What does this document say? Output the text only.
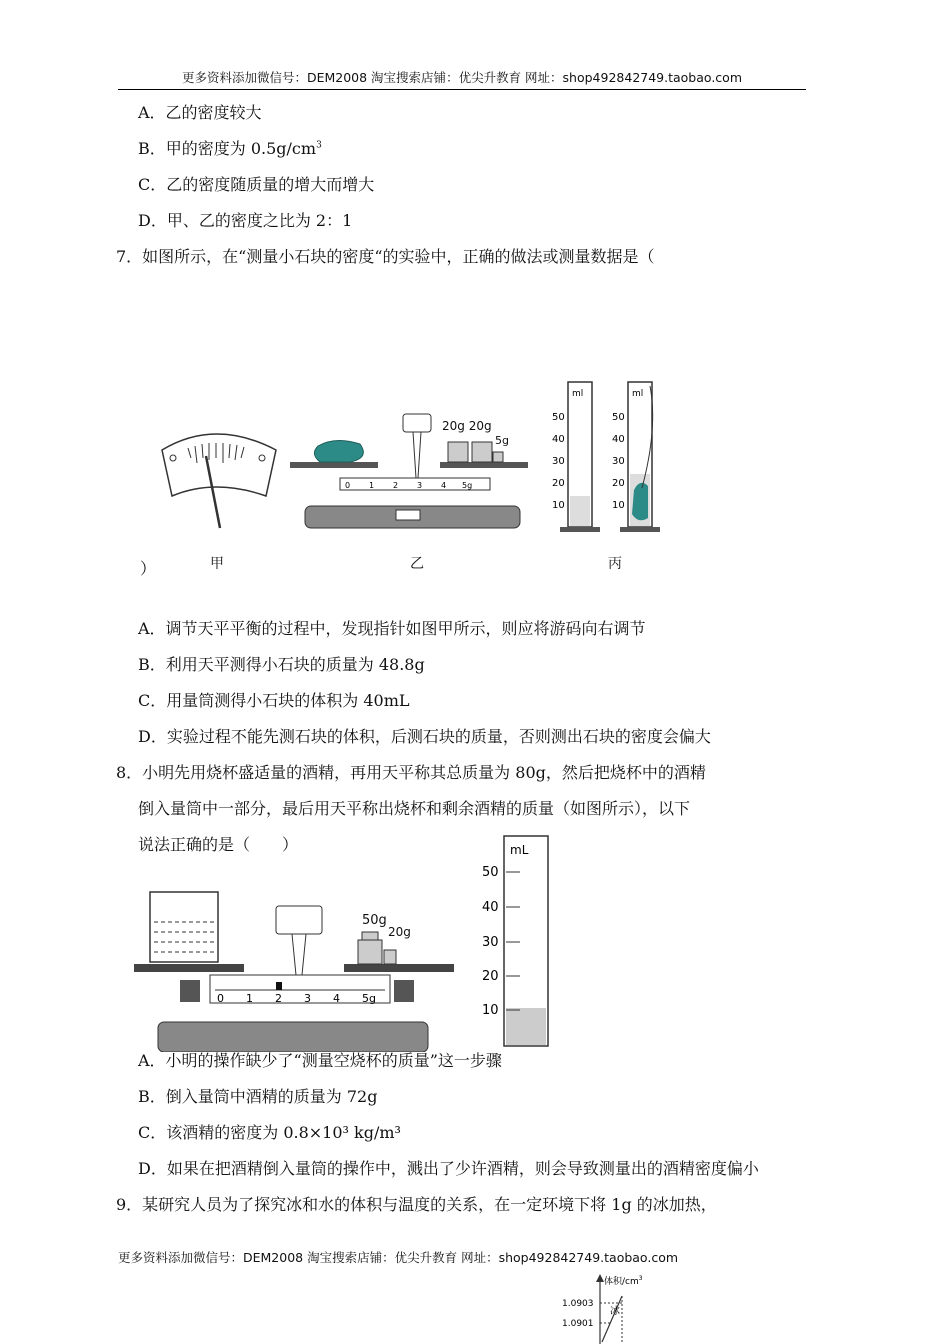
更多资料添加微信号：DEM2008 淘宝搜索店铺：优尖升教育 网址：shop492842749.taobao.com
A．乙的密度较大
B．甲的密度为 $0.5g/cm^3$
C．乙的密度随质量的增大而增大
D．甲、乙的密度之比为 2：1
7．如图所示，在“测量小石块的密度“的实验中，正确的做法或测量数据是（
0 1 2 3 4 5g
20g 20g
5g
ml
50
40
30
20
10
ml
50
40
30
20
10
甲	乙	丙
）
A．调节天平平衡的过程中，发现指针如图甲所示，则应将游码向右调节
B．利用天平测得小石块的质量为 48.8g
C．用量筒测得小石块的体积为 40mL
D．实验过程不能先测石块的体积，后测石块的质量，否则测出石块的密度会偏大
8．小明先用烧杯盛适量的酒精，再用天平称其总质量为 80g，然后把烧杯中的酒精
倒入量筒中一部分，最后用天平称出烧杯和剩余酒精的质量（如图所示），以下
说法正确的是（　　）
0 1 2 3 4 5g
50g
20g
mL
50
40
30
20
10
A．小明的操作缺少了“测量空烧杯的质量”这一步骤
B．倒入量筒中酒精的质量为 72g
C．该酒精的密度为 0.8×10³ kg/m³
D．如果在把酒精倒入量筒的操作中，溅出了少许酒精，则会导致测量出的酒精密度偏小
9．某研究人员为了探究冰和水的体积与温度的关系，在一定环境下将 1g 的冰加热，
更多资料添加微信号：DEM2008 淘宝搜索店铺：优尖升教育 网址：shop492842749.taobao.com
体积$/cm^3$
1.0903
1.0901
冰
